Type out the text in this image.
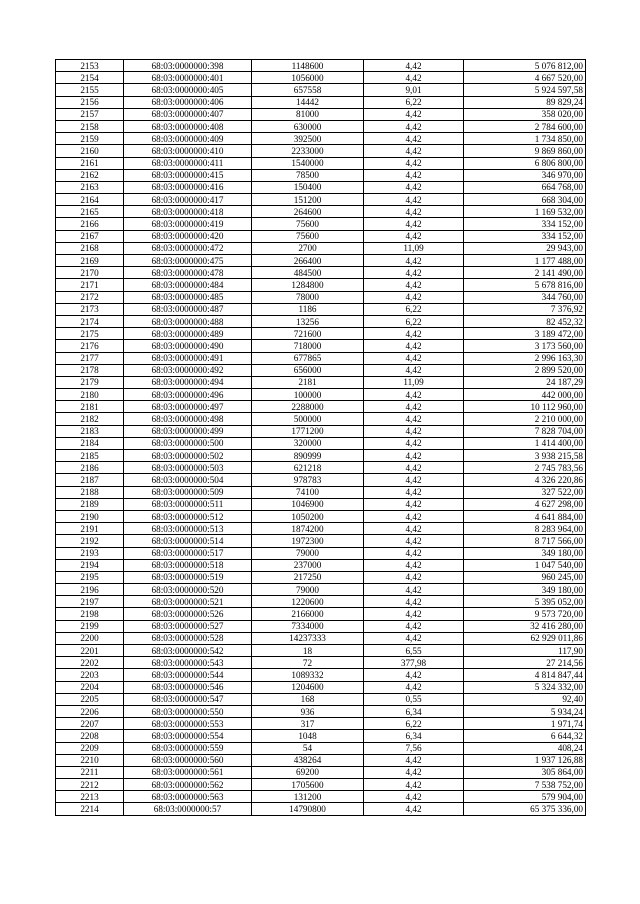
2153	68:03:0000000:398	1148600	4,42	5 076 812,00
2154	68:03:0000000:401	1056000	4,42	4 667 520,00
2155	68:03:0000000:405	657558	9,01	5 924 597,58
2156	68:03:0000000:406	14442	6,22	89 829,24
2157	68:03:0000000:407	81000	4,42	358 020,00
2158	68:03:0000000:408	630000	4,42	2 784 600,00
2159	68:03:0000000:409	392500	4,42	1 734 850,00
2160	68:03:0000000:410	2233000	4,42	9 869 860,00
2161	68:03:0000000:411	1540000	4,42	6 806 800,00
2162	68:03:0000000:415	78500	4,42	346 970,00
2163	68:03:0000000:416	150400	4,42	664 768,00
2164	68:03:0000000:417	151200	4,42	668 304,00
2165	68:03:0000000:418	264600	4,42	1 169 532,00
2166	68:03:0000000:419	75600	4,42	334 152,00
2167	68:03:0000000:420	75600	4,42	334 152,00
2168	68:03:0000000:472	2700	11,09	29 943,00
2169	68:03:0000000:475	266400	4,42	1 177 488,00
2170	68:03:0000000:478	484500	4,42	2 141 490,00
2171	68:03:0000000:484	1284800	4,42	5 678 816,00
2172	68:03:0000000:485	78000	4,42	344 760,00
2173	68:03:0000000:487	1186	6,22	7 376,92
2174	68:03:0000000:488	13256	6,22	82 452,32
2175	68:03:0000000:489	721600	4,42	3 189 472,00
2176	68:03:0000000:490	718000	4,42	3 173 560,00
2177	68:03:0000000:491	677865	4,42	2 996 163,30
2178	68:03:0000000:492	656000	4,42	2 899 520,00
2179	68:03:0000000:494	2181	11,09	24 187,29
2180	68:03:0000000:496	100000	4,42	442 000,00
2181	68:03:0000000:497	2288000	4,42	10 112 960,00
2182	68:03:0000000:498	500000	4,42	2 210 000,00
2183	68:03:0000000:499	1771200	4,42	7 828 704,00
2184	68:03:0000000:500	320000	4,42	1 414 400,00
2185	68:03:0000000:502	890999	4,42	3 938 215,58
2186	68:03:0000000:503	621218	4,42	2 745 783,56
2187	68:03:0000000:504	978783	4,42	4 326 220,86
2188	68:03:0000000:509	74100	4,42	327 522,00
2189	68:03:0000000:511	1046900	4,42	4 627 298,00
2190	68:03:0000000:512	1050200	4,42	4 641 884,00
2191	68:03:0000000:513	1874200	4,42	8 283 964,00
2192	68:03:0000000:514	1972300	4,42	8 717 566,00
2193	68:03:0000000:517	79000	4,42	349 180,00
2194	68:03:0000000:518	237000	4,42	1 047 540,00
2195	68:03:0000000:519	217250	4,42	960 245,00
2196	68:03:0000000:520	79000	4,42	349 180,00
2197	68:03:0000000:521	1220600	4,42	5 395 052,00
2198	68:03:0000000:526	2166000	4,42	9 573 720,00
2199	68:03:0000000:527	7334000	4,42	32 416 280,00
2200	68:03:0000000:528	14237333	4,42	62 929 011,86
2201	68:03:0000000:542	18	6,55	117,90
2202	68:03:0000000:543	72	377,98	27 214,56
2203	68:03:0000000:544	1089332	4,42	4 814 847,44
2204	68:03:0000000:546	1204600	4,42	5 324 332,00
2205	68:03:0000000:547	168	0,55	92,40
2206	68:03:0000000:550	936	6,34	5 934,24
2207	68:03:0000000:553	317	6,22	1 971,74
2208	68:03:0000000:554	1048	6,34	6 644,32
2209	68:03:0000000:559	54	7,56	408,24
2210	68:03:0000000:560	438264	4,42	1 937 126,88
2211	68:03:0000000:561	69200	4,42	305 864,00
2212	68:03:0000000:562	1705600	4,42	7 538 752,00
2213	68:03:0000000:563	131200	4,42	579 904,00
2214	68:03:0000000:57	14790800	4,42	65 375 336,00
